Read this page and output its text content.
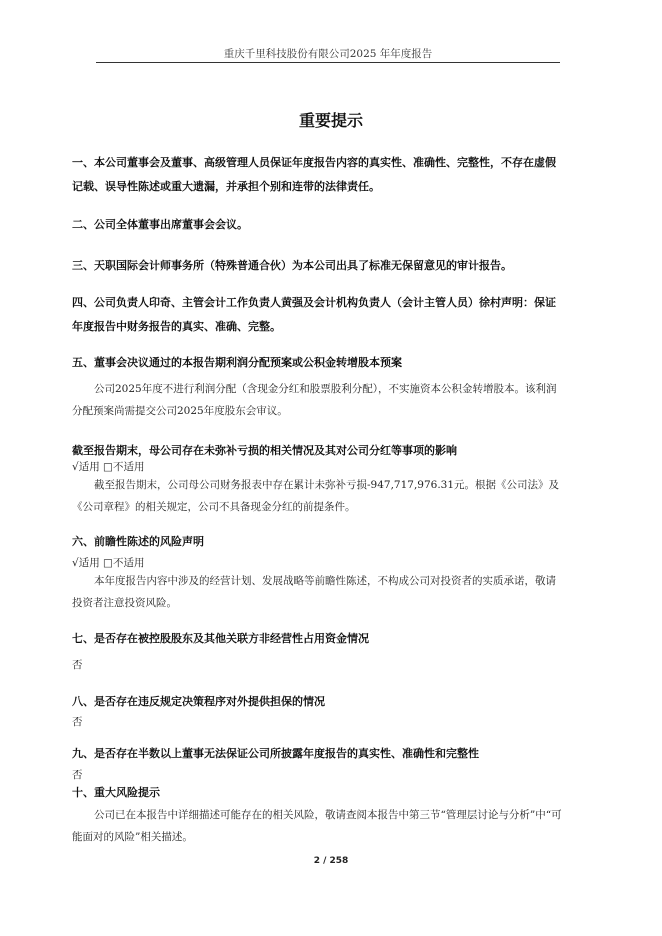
重庆千里科技股份有限公司2025 年年度报告
重要提示
一、本公司董事会及董事、高级管理人员保证年度报告内容的真实性、准确性、完整性，不存在虚假记载、误导性陈述或重大遗漏，并承担个别和连带的法律责任。
二、公司全体董事出席董事会会议。
三、天职国际会计师事务所（特殊普通合伙）为本公司出具了标准无保留意见的审计报告。
四、公司负责人印奇、主管会计工作负责人黄强及会计机构负责人（会计主管人员）徐村声明：保证年度报告中财务报告的真实、准确、完整。
五、董事会决议通过的本报告期利润分配预案或公积金转增股本预案
公司2025年度不进行利润分配（含现金分红和股票股利分配），不实施资本公积金转增股本。该利润分配预案尚需提交公司2025年度股东会审议。
截至报告期末，母公司存在未弥补亏损的相关情况及其对公司分红等事项的影响
√适用 □不适用
截至报告期末，公司母公司财务报表中存在累计未弥补亏损-947,717,976.31元。根据《公司法》及《公司章程》的相关规定，公司不具备现金分红的前提条件。
六、前瞻性陈述的风险声明
√适用 □不适用
本年度报告内容中涉及的经营计划、发展战略等前瞻性陈述，不构成公司对投资者的实质承诺，敬请投资者注意投资风险。
七、是否存在被控股股东及其他关联方非经营性占用资金情况
否
八、是否存在违反规定决策程序对外提供担保的情况
否
九、是否存在半数以上董事无法保证公司所披露年度报告的真实性、准确性和完整性
否
十、重大风险提示
公司已在本报告中详细描述可能存在的相关风险，敬请查阅本报告中第三节“管理层讨论与分析”中“可能面对的风险”相关描述。
2 / 258
